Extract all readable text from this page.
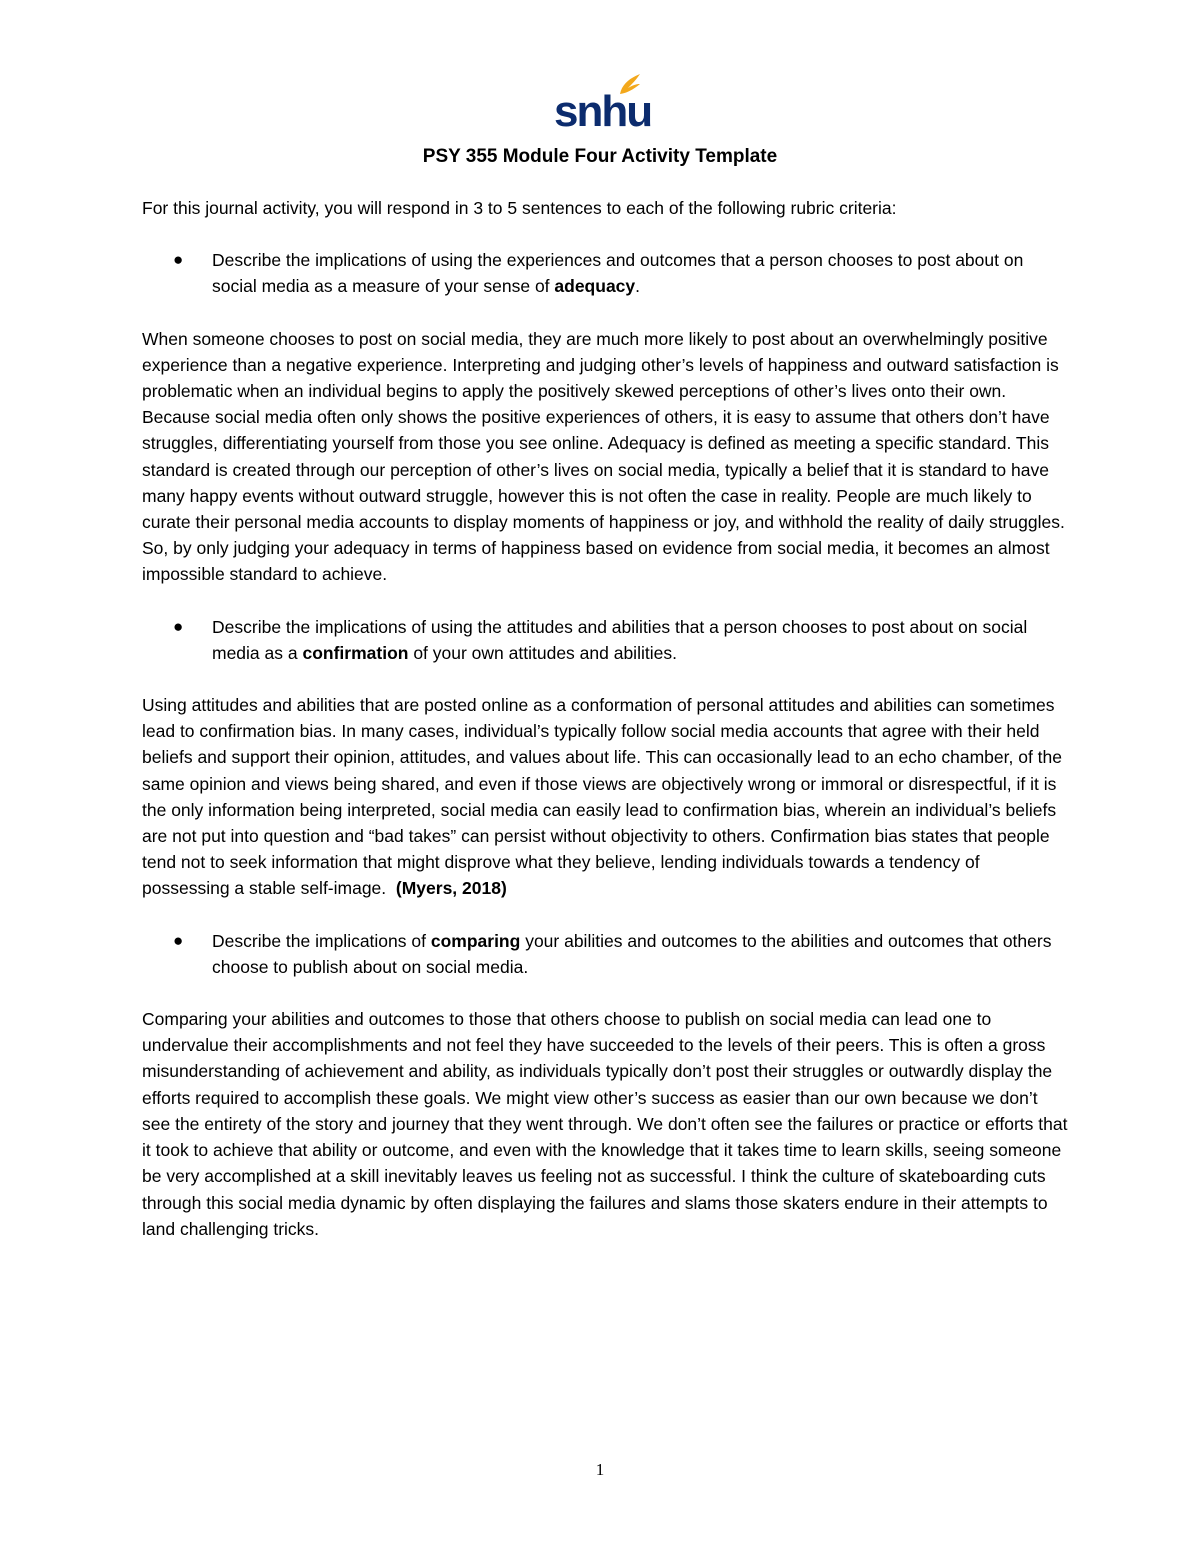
snhu
PSY 355 Module Four Activity Template

For this journal activity, you will respond in 3 to 5 sentences to each of the following rubric criteria:

● Describe the implications of using the experiences and outcomes that a person chooses to post about on social media as a measure of your sense of adequacy.

When someone chooses to post on social media, they are much more likely to post about an overwhelmingly positive experience than a negative experience. Interpreting and judging other’s levels of happiness and outward satisfaction is problematic when an individual begins to apply the positively skewed perceptions of other’s lives onto their own. Because social media often only shows the positive experiences of others, it is easy to assume that others don’t have struggles, differentiating yourself from those you see online. Adequacy is defined as meeting a specific standard. This standard is created through our perception of other’s lives on social media, typically a belief that it is standard to have many happy events without outward struggle, however this is not often the case in reality. People are much likely to curate their personal media accounts to display moments of happiness or joy, and withhold the reality of daily struggles. So, by only judging your adequacy in terms of happiness based on evidence from social media, it becomes an almost impossible standard to achieve.

● Describe the implications of using the attitudes and abilities that a person chooses to post about on social media as a confirmation of your own attitudes and abilities.

Using attitudes and abilities that are posted online as a conformation of personal attitudes and abilities can sometimes lead to confirmation bias. In many cases, individual’s typically follow social media accounts that agree with their held beliefs and support their opinion, attitudes, and values about life. This can occasionally lead to an echo chamber, of the same opinion and views being shared, and even if those views are objectively wrong or immoral or disrespectful, if it is the only information being interpreted, social media can easily lead to confirmation bias, wherein an individual’s beliefs are not put into question and “bad takes” can persist without objectivity to others. Confirmation bias states that people tend not to seek information that might disprove what they believe, lending individuals towards a tendency of possessing a stable self-image. (Myers, 2018)

● Describe the implications of comparing your abilities and outcomes to the abilities and outcomes that others choose to publish about on social media.

Comparing your abilities and outcomes to those that others choose to publish on social media can lead one to undervalue their accomplishments and not feel they have succeeded to the levels of their peers. This is often a gross misunderstanding of achievement and ability, as individuals typically don’t post their struggles or outwardly display the efforts required to accomplish these goals. We might view other’s success as easier than our own because we don’t see the entirety of the story and journey that they went through. We don’t often see the failures or practice or efforts that it took to achieve that ability or outcome, and even with the knowledge that it takes time to learn skills, seeing someone be very accomplished at a skill inevitably leaves us feeling not as successful. I think the culture of skateboarding cuts through this social media dynamic by often displaying the failures and slams those skaters endure in their attempts to land challenging tricks.

1
